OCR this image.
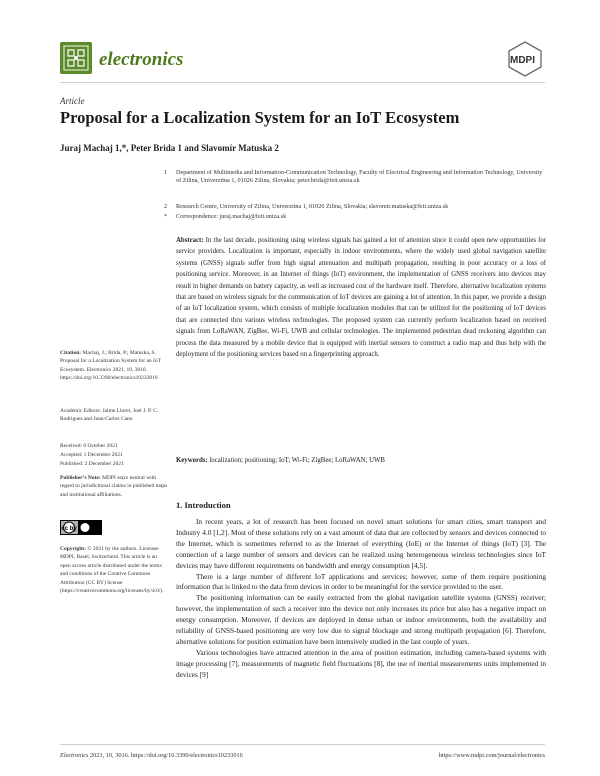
electronics	MDPI
Article
Proposal for a Localization System for an IoT Ecosystem
Juraj Machaj 1,*, Peter Brida 1 and Slavomír Matuska 2
1 Department of Multimedia and Information-Communication Technology, Faculty of Electrical Engineering and Information Technology, University of Zilina, Univerzitna 1, 01026 Zilina, Slovakia; peter.brida@feit.uniza.sk
2 Research Centre, University of Zilina, Univerzitna 1, 01026 Zilina, Slovakia; slavomir.matuska@feit.uniza.sk
* Correspondence: juraj.machaj@feit.uniza.sk
Abstract: In the last decade, positioning using wireless signals has gained a lot of attention since it could open new opportunities for service providers. Localization is important, especially in indoor environments, where the widely used global navigation satellite systems (GNSS) signals suffer from high signal attenuation and multipath propagation, resulting in poor accuracy or a loss of positioning service. Moreover, in an Internet of things (IoT) environment, the implementation of GNSS receivers into devices may result in higher demands on battery capacity, as well as increased cost of the hardware itself. Therefore, alternative localization systems that are based on wireless signals for the communication of IoT devices are gaining a lot of attention. In this paper, we provide a design of an IoT localization system, which consists of multiple localization modules that can be utilized for the positioning of IoT devices that are connected thru various wireless technologies. The proposed system can currently perform localization based on received signals from LoRaWAN, ZigBee, Wi-Fi, UWB and cellular technologies. The implemented pedestrian dead reckoning algorithm can process the data measured by a mobile device that is equipped with inertial sensors to construct a radio map and thus help with the deployment of the positioning services based on a fingerprinting approach.
Keywords: localization; positioning; IoT; Wi-Fi; ZigBee; LoRaWAN; UWB
Citation: Machaj, J.; Brida, P.; Matuska, S. Proposal for a Localization System for an IoT Ecosystem. Electronics 2021, 10, 3016. https://doi.org/10.3390/electronics10233016
Academic Editors: Jaime Lloret, Joel J. P. C. Rodrigues and Juan-Carlos Cano
Received: 6 October 2021
Accepted: 1 December 2021
Published: 2 December 2021
Publisher’s Note: MDPI stays neutral with regard to jurisdictional claims in published maps and institutional affiliations.
cc by
Copyright: © 2021 by the authors. Licensee MDPI, Basel, Switzerland. This article is an open access article distributed under the terms and conditions of the Creative Commons Attribution (CC BY) license (https://creativecommons.org/licenses/by/4.0/).
1. Introduction

In recent years, a lot of research has been focused on novel smart solutions for smart cities, smart transport and Industry 4.0 [1,2]. Most of these solutions rely on a vast amount of data that are collected by sensors and devices connected to the Internet, which is sometimes referred to as the Internet of everything (IoE) or the Internet of things (IoT) [3]. The connection of a large number of sensors and devices can be realized using heterogeneous wireless technologies since IoT devices may have different requirements on bandwidth and energy consumption [4,5].

There is a large number of different IoT applications and services; however, some of them require positioning information that is linked to the data from devices in order to be meaningful for the service provided to the user.

The positioning information can be easily extracted from the global navigation satellite systems (GNSS) receiver; however, the implementation of such a receiver into the device not only increases its price but also has a negative impact on energy consumption. Moreover, if devices are deployed in dense urban or indoor environments, both the availability and reliability of GNSS-based positioning are very low due to signal blockage and strong multipath propagation [6]. Therefore, alternative solutions for position estimation have been intensively studied in the last couple of years.

Various technologies have attracted attention in the area of position estimation, including camera-based systems with image processing [7], measurements of magnetic field fluctuations [8], the use of inertial measurements units implemented in devices [9]

Electronics 2021, 10, 3016. https://doi.org/10.3390/electronics10233016	https://www.mdpi.com/journal/electronics
